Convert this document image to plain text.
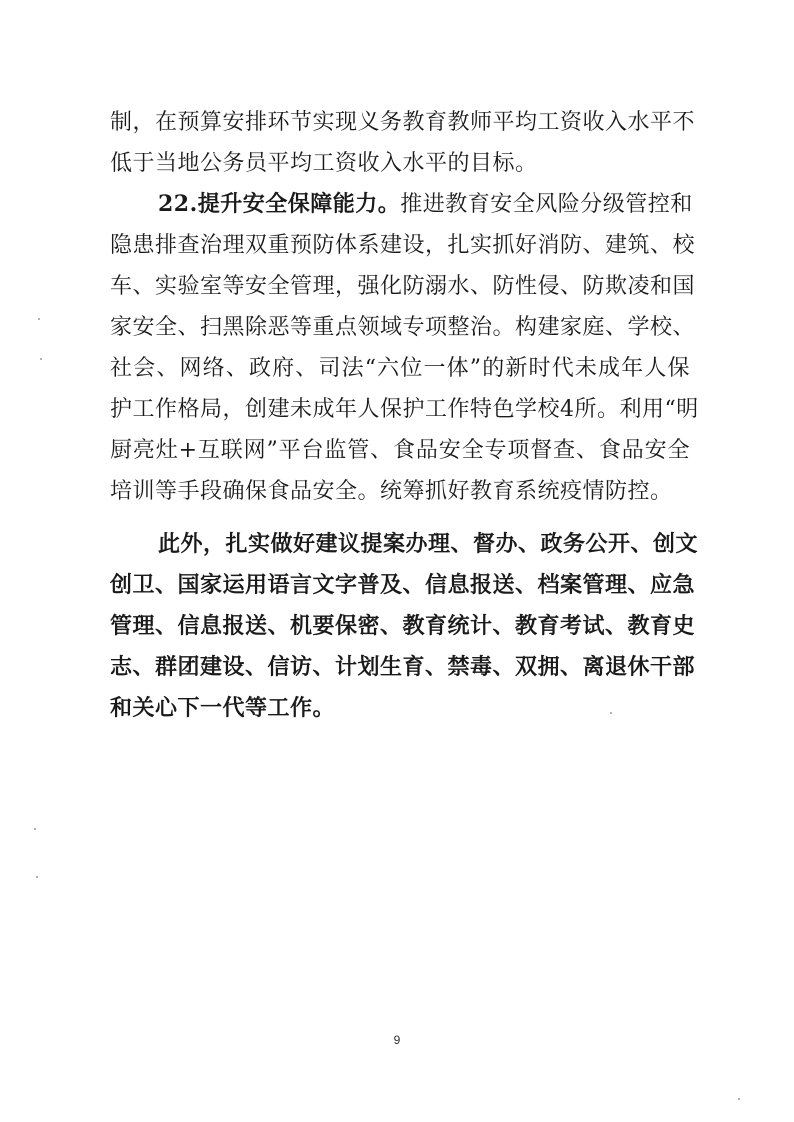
制，在预算安排环节实现义务教育教师平均工资收入水平不
低于当地公务员平均工资收入水平的目标。
22.提升安全保障能力。推进教育安全风险分级管控和
隐患排查治理双重预防体系建设，扎实抓好消防、建筑、校
车、实验室等安全管理，强化防溺水、防性侵、防欺凌和国
家安全、扫黑除恶等重点领域专项整治。构建家庭、学校、
社会、网络、政府、司法“六位一体”的新时代未成年人保
护工作格局，创建未成年人保护工作特色学校4所。利用“明
厨亮灶+互联网”平台监管、食品安全专项督查、食品安全
培训等手段确保食品安全。统筹抓好教育系统疫情防控。
此外，扎实做好建议提案办理、督办、政务公开、创文
创卫、国家运用语言文字普及、信息报送、档案管理、应急
管理、信息报送、机要保密、教育统计、教育考试、教育史
志、群团建设、信访、计划生育、禁毒、双拥、离退休干部
和关心下一代等工作。
9
